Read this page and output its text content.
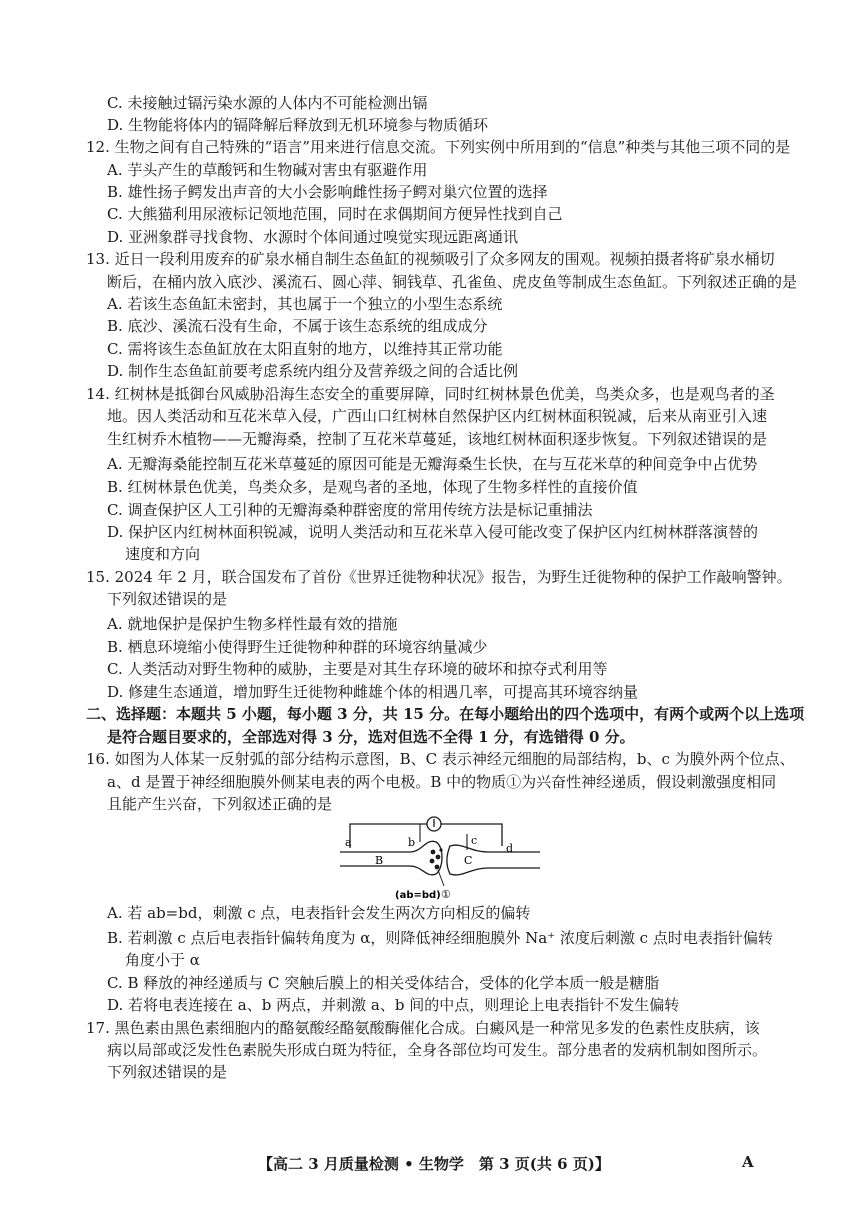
C. 未接触过镉污染水源的人体内不可能检测出镉
D. 生物能将体内的镉降解后释放到无机环境参与物质循环
12. 生物之间有自己特殊的“语言”用来进行信息交流。下列实例中所用到的“信息”种类与其他三项不同的是
A. 芋头产生的草酸钙和生物碱对害虫有驱避作用
B. 雄性扬子鳄发出声音的大小会影响雌性扬子鳄对巢穴位置的选择
C. 大熊猫利用尿液标记领地范围，同时在求偶期间方便异性找到自己
D. 亚洲象群寻找食物、水源时个体间通过嗅觉实现远距离通讯
13. 近日一段利用废弃的矿泉水桶自制生态鱼缸的视频吸引了众多网友的围观。视频拍摄者将矿泉水桶切
断后，在桶内放入底沙、溪流石、圆心萍、铜钱草、孔雀鱼、虎皮鱼等制成生态鱼缸。下列叙述正确的是
A. 若该生态鱼缸未密封，其也属于一个独立的小型生态系统
B. 底沙、溪流石没有生命，不属于该生态系统的组成成分
C. 需将该生态鱼缸放在太阳直射的地方，以维持其正常功能
D. 制作生态鱼缸前要考虑系统内组分及营养级之间的合适比例
14. 红树林是抵御台风威胁沿海生态安全的重要屏障，同时红树林景色优美，鸟类众多，也是观鸟者的圣
地。因人类活动和互花米草入侵，广西山口红树林自然保护区内红树林面积锐减，后来从南亚引入速
生红树乔木植物——无瓣海桑，控制了互花米草蔓延，该地红树林面积逐步恢复。下列叙述错误的是
A. 无瓣海桑能控制互花米草蔓延的原因可能是无瓣海桑生长快，在与互花米草的种间竞争中占优势
B. 红树林景色优美，鸟类众多，是观鸟者的圣地，体现了生物多样性的直接价值
C. 调查保护区人工引种的无瓣海桑种群密度的常用传统方法是标记重捕法
D. 保护区内红树林面积锐减，说明人类活动和互花米草入侵可能改变了保护区内红树林群落演替的
速度和方向
15. 2024 年 2 月，联合国发布了首份《世界迁徙物种状况》报告，为野生迁徙物种的保护工作敲响警钟。
下列叙述错误的是
A. 就地保护是保护生物多样性最有效的措施
B. 栖息环境缩小使得野生迁徙物种种群的环境容纳量减少
C. 人类活动对野生物种的威胁，主要是对其生存环境的破坏和掠夺式利用等
D. 修建生态通道，增加野生迁徙物种雌雄个体的相遇几率，可提高其环境容纳量
二、选择题：本题共 5 小题，每小题 3 分，共 15 分。在每小题给出的四个选项中，有两个或两个以上选项
是符合题目要求的，全部选对得 3 分，选对但选不全得 1 分，有选错得 0 分。
16. 如图为人体某一反射弧的部分结构示意图，B、C 表示神经元细胞的局部结构，b、c 为膜外两个位点、
a、d 是置于神经细胞膜外侧某电表的两个电极。B 中的物质①为兴奋性神经递质，假设刺激强度相同
且能产生兴奋，下列叙述正确的是
a	b	c
d
B	C
(ab=bd) ①
A. 若 ab=bd，刺激 c 点，电表指针会发生两次方向相反的偏转
B. 若刺激 c 点后电表指针偏转角度为 α，则降低神经细胞膜外 Na⁺ 浓度后刺激 c 点时电表指针偏转
角度小于 α
C. B 释放的神经递质与 C 突触后膜上的相关受体结合，受体的化学本质一般是糖脂
D. 若将电表连接在 a、b 两点，并刺激 a、b 间的中点，则理论上电表指针不发生偏转
17. 黑色素由黑色素细胞内的酪氨酸经酪氨酸酶催化合成。白癜风是一种常见多发的色素性皮肤病，该
病以局部或泛发性色素脱失形成白斑为特征，全身各部位均可发生。部分患者的发病机制如图所示。
下列叙述错误的是
【高二 3 月质量检测 • 生物学　第 3 页(共 6 页)】	A
